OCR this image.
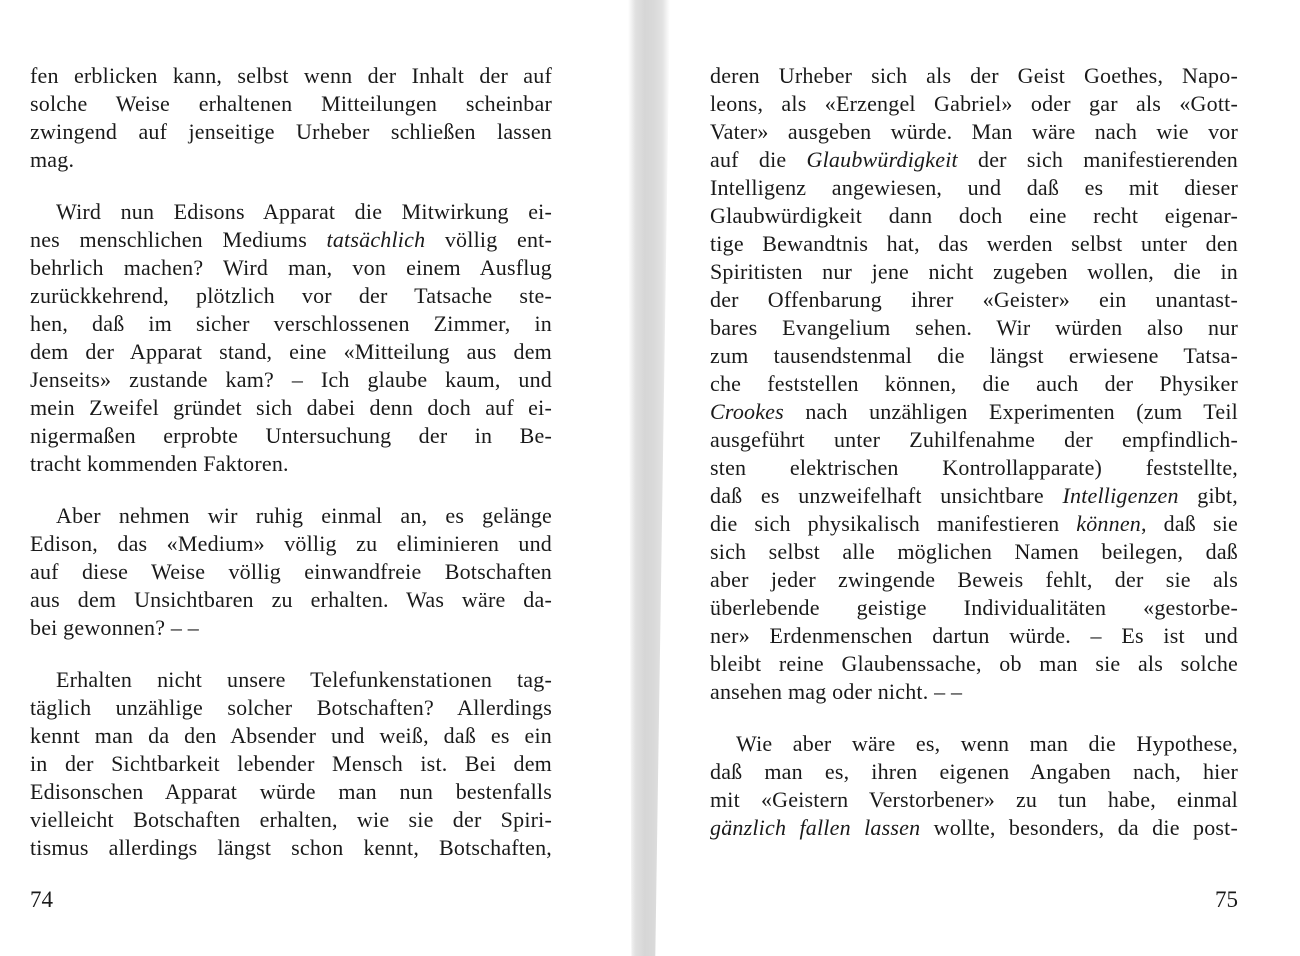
fen erblicken kann, selbst wenn der Inhalt der auf
solche Weise erhaltenen Mitteilungen scheinbar
zwingend auf jenseitige Urheber schließen lassen
mag.
Wird nun Edisons Apparat die Mitwirkung ei-
nes menschlichen Mediums tatsächlich völlig ent-
behrlich machen? Wird man, von einem Ausflug
zurückkehrend, plötzlich vor der Tatsache ste-
hen, daß im sicher verschlossenen Zimmer, in
dem der Apparat stand, eine «Mitteilung aus dem
Jenseits» zustande kam? – Ich glaube kaum, und
mein Zweifel gründet sich dabei denn doch auf ei-
nigermaßen erprobte Untersuchung der in Be-
tracht kommenden Faktoren.
Aber nehmen wir ruhig einmal an, es gelänge
Edison, das «Medium» völlig zu eliminieren und
auf diese Weise völlig einwandfreie Botschaften
aus dem Unsichtbaren zu erhalten. Was wäre da-
bei gewonnen? – –
Erhalten nicht unsere Telefunkenstationen tag-
täglich unzählige solcher Botschaften? Allerdings
kennt man da den Absender und weiß, daß es ein
in der Sichtbarkeit lebender Mensch ist. Bei dem
Edisonschen Apparat würde man nun bestenfalls
vielleicht Botschaften erhalten, wie sie der Spiri-
tismus allerdings längst schon kennt, Botschaften,
deren Urheber sich als der Geist Goethes, Napo-
leons, als «Erzengel Gabriel» oder gar als «Gott-
Vater» ausgeben würde. Man wäre nach wie vor
auf die Glaubwürdigkeit der sich manifestierenden
Intelligenz angewiesen, und daß es mit dieser
Glaubwürdigkeit dann doch eine recht eigenar-
tige Bewandtnis hat, das werden selbst unter den
Spiritisten nur jene nicht zugeben wollen, die in
der Offenbarung ihrer «Geister» ein unantast-
bares Evangelium sehen. Wir würden also nur
zum tausendstenmal die längst erwiesene Tatsa-
che feststellen können, die auch der Physiker
Crookes nach unzähligen Experimenten (zum Teil
ausgeführt unter Zuhilfenahme der empfindlich-
sten elektrischen Kontrollapparate) feststellte,
daß es unzweifelhaft unsichtbare Intelligenzen gibt,
die sich physikalisch manifestieren können, daß sie
sich selbst alle möglichen Namen beilegen, daß
aber jeder zwingende Beweis fehlt, der sie als
überlebende geistige Individualitäten «gestorbe-
ner» Erdenmenschen dartun würde. – Es ist und
bleibt reine Glaubenssache, ob man sie als solche
ansehen mag oder nicht. – –
Wie aber wäre es, wenn man die Hypothese,
daß man es, ihren eigenen Angaben nach, hier
mit «Geistern Verstorbener» zu tun habe, einmal
gänzlich fallen lassen wollte, besonders, da die post-
74	75
